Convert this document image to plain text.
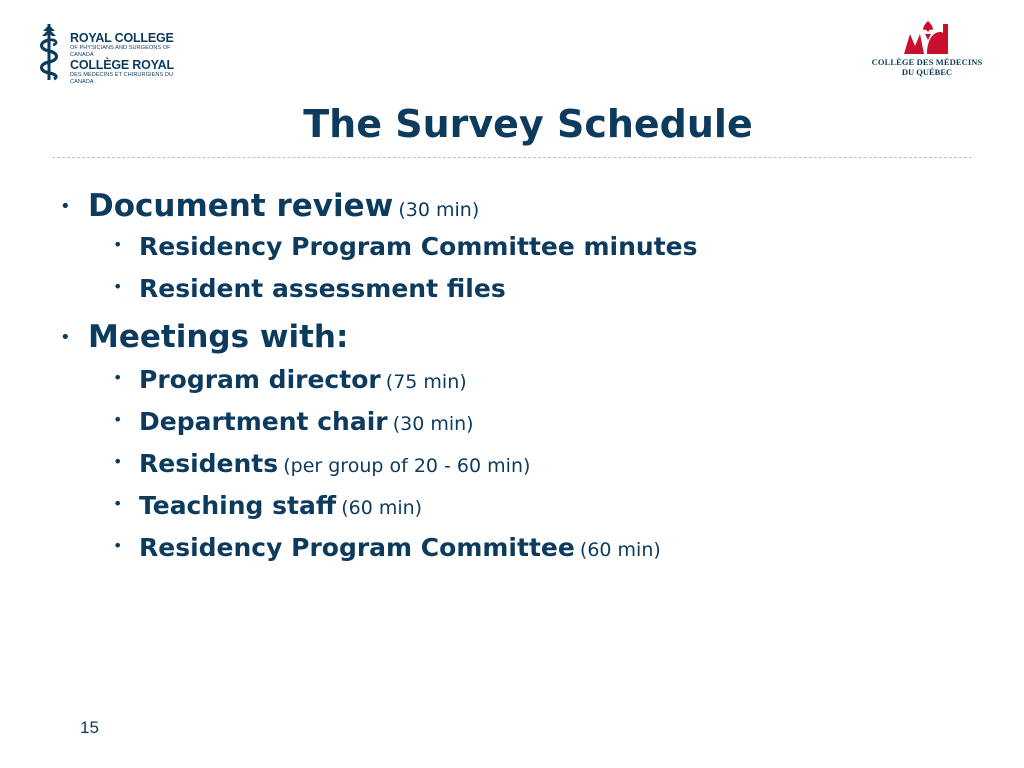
ROYAL COLLEGE
OF PHYSICIANS AND SURGEONS OF CANADA
COLLÈGE ROYAL
DES MÉDECINS ET CHIRURGIENS DU CANADA
COLLÈGE DES MÉDECINS
DU QUÉBEC
The Survey Schedule
• Document review (30 min)
• Residency Program Committee minutes
• Resident assessment files
• Meetings with:
• Program director (75 min)
• Department chair (30 min)
• Residents (per group of 20 - 60 min)
• Teaching staff (60 min)
• Residency Program Committee (60 min)
15
